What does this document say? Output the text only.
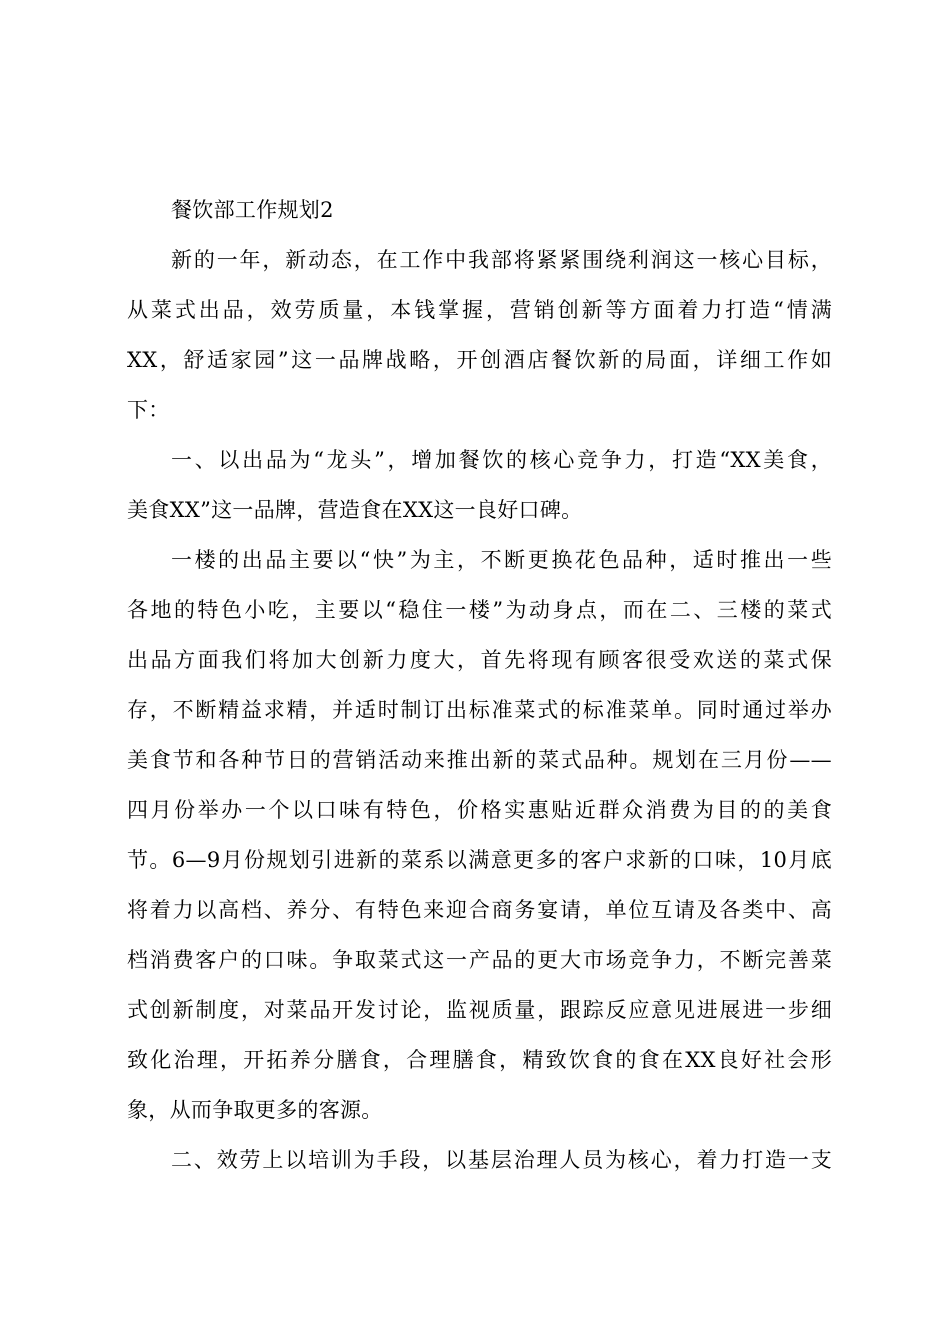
餐饮部工作规划2
新的一年，新动态，在工作中我部将紧紧围绕利润这一核心目标，
从菜式出品，效劳质量，本钱掌握，营销创新等方面着力打造“情满
XX，舒适家园”这一品牌战略，开创酒店餐饮新的局面，详细工作如
下：
一、以出品为“龙头”，增加餐饮的核心竞争力，打造“XX美食，
美食XX”这一品牌，营造食在XX这一良好口碑。
一楼的出品主要以“快”为主，不断更换花色品种，适时推出一些
各地的特色小吃，主要以“稳住一楼”为动身点，而在二、三楼的菜式
出品方面我们将加大创新力度大，首先将现有顾客很受欢送的菜式保
存，不断精益求精，并适时制订出标准菜式的标准菜单。同时通过举办
美食节和各种节日的营销活动来推出新的菜式品种。规划在三月份——
四月份举办一个以口味有特色，价格实惠贴近群众消费为目的的美食
节。6—9月份规划引进新的菜系以满意更多的客户求新的口味，10月底
将着力以高档、养分、有特色来迎合商务宴请，单位互请及各类中、高
档消费客户的口味。争取菜式这一产品的更大市场竞争力，不断完善菜
式创新制度，对菜品开发讨论，监视质量，跟踪反应意见进展进一步细
致化治理，开拓养分膳食，合理膳食，精致饮食的食在XX良好社会形
象，从而争取更多的客源。
二、效劳上以培训为手段，以基层治理人员为核心，着力打造一支
